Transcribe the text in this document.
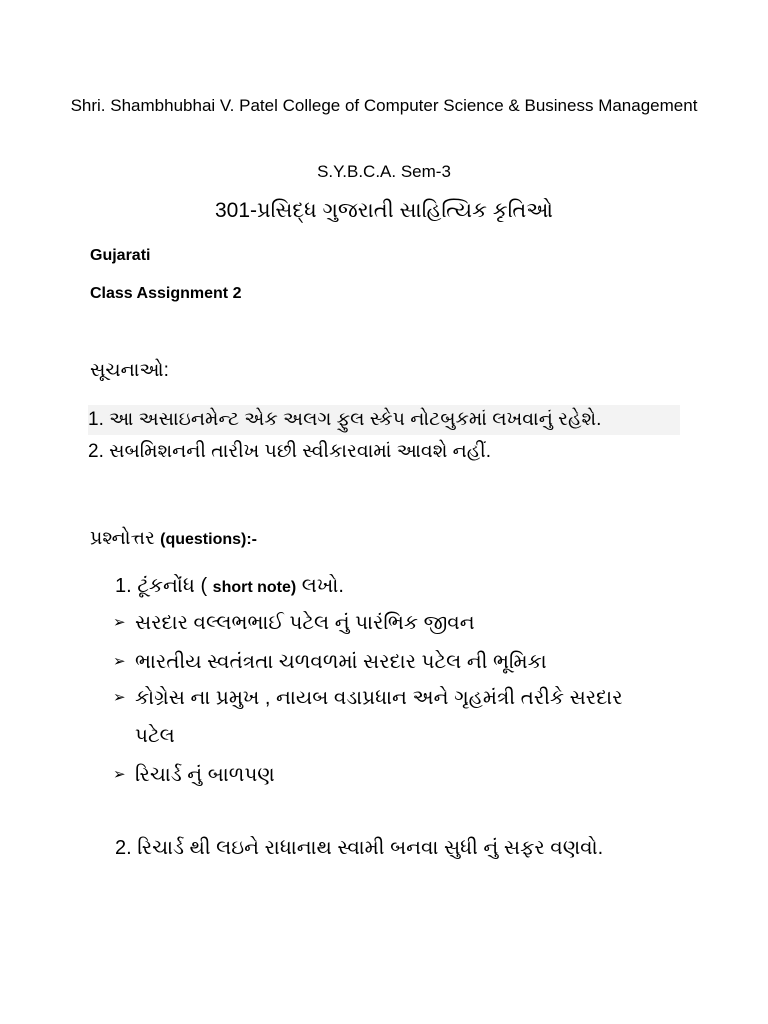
Shri. Shambhubhai V. Patel College of Computer Science & Business Management
S.Y.B.C.A. Sem-3
301-પ્રસિદ્ધ ગુજરાતી સાહિત્યિક કૃતિઓ
Gujarati
Class Assignment 2
સૂચનાઓ:
1. આ અસાઇનમેન્ટ એક અલગ ફુલ સ્કેપ નોટબુકમાં લખવાનું રહેશે.
2. સબમિશનની તારીખ પછી સ્વીકારવામાં આવશે નહીં.
પ્રશ્નોત્તર (questions):-
1. ટૂંકનોંધ ( short note) લખો.
➢ સરદાર વલ્લભભાઈ પટેલ નું પારંભિક જીવન
➢ ભારતીય સ્વતંત્રતા ચળવળમાં સરદાર પટેલ ની ભૂમિકા
➢ કોગ્રેસ ના પ્રમુખ , નાયબ વડાપ્રધાન અને ગૃહમંત્રી તરીકે સરદાર
પટેલ
➢ રિચાર્ડ નું બાળપણ
2. રિચાર્ડ થી લઇને રાધાનાથ સ્વામી બનવા સુધી નું સફર વણવો.
